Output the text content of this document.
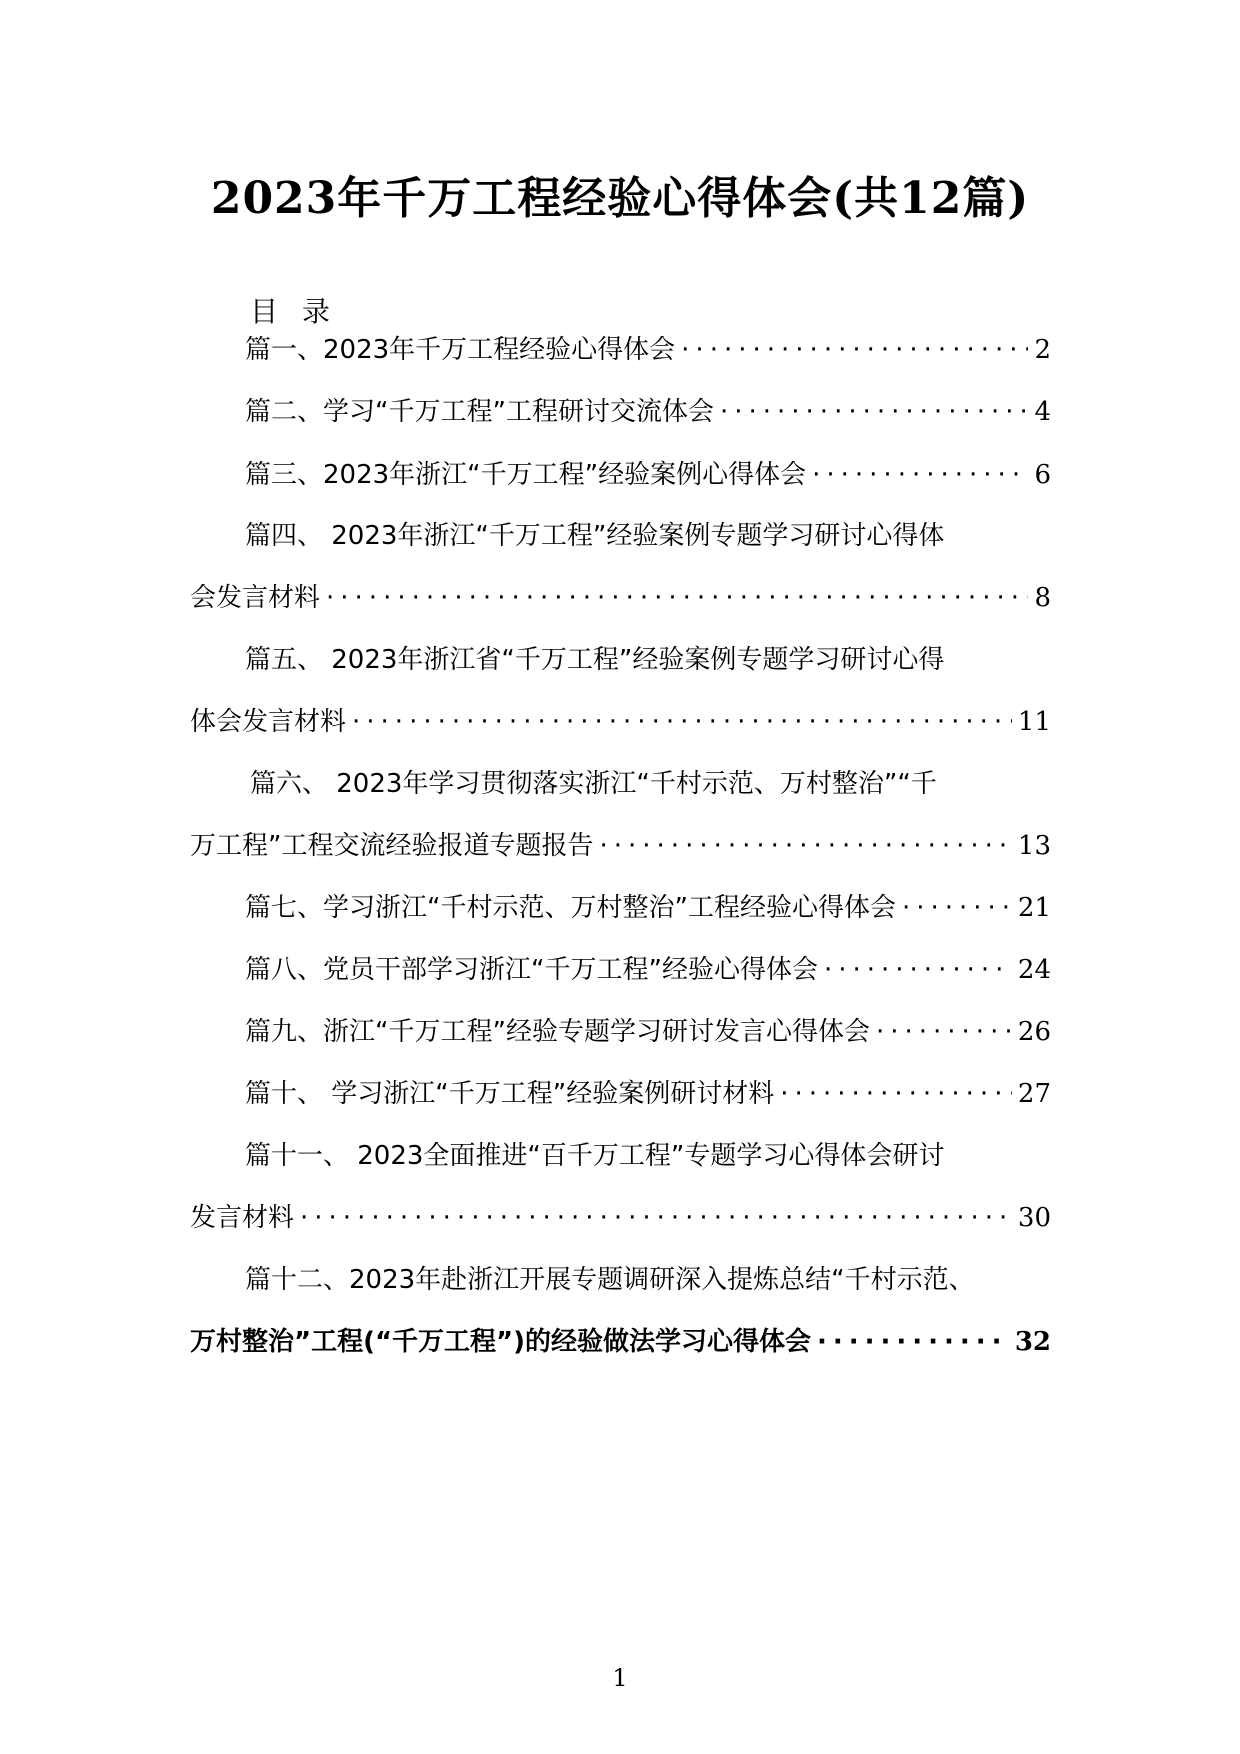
2023年千万工程经验心得体会(共12篇)
目录
篇一、2023年千万工程经验心得体会 ·····	2
篇二、学习“千万工程”工程研讨交流体会 ·····	4
篇三、2023年浙江“千万工程”经验案例心得体会 ·····	6
篇四、 2023年浙江“千万工程”经验案例专题学习研讨心得体
会发言材料 ·····	8
篇五、 2023年浙江省“千万工程”经验案例专题学习研讨心得
体会发言材料 ·····	11
篇六、 2023年学习贯彻落实浙江“千村示范、万村整治”“千
万工程”工程交流经验报道专题报告 ·····	13
篇七、学习浙江“千村示范、万村整治”工程经验心得体会 ·····	21
篇八、党员干部学习浙江“千万工程”经验心得体会 ·····	24
篇九、浙江“千万工程”经验专题学习研讨发言心得体会 ·····	26
篇十、 学习浙江“千万工程”经验案例研讨材料 ·····	27
篇十一、 2023全面推进“百千万工程”专题学习心得体会研讨
发言材料 ·····	30
篇十二、2023年赴浙江开展专题调研深入提炼总结“千村示范、
万村整治”工程(“千万工程”)的经验做法学习心得体会 ·····	32
1
